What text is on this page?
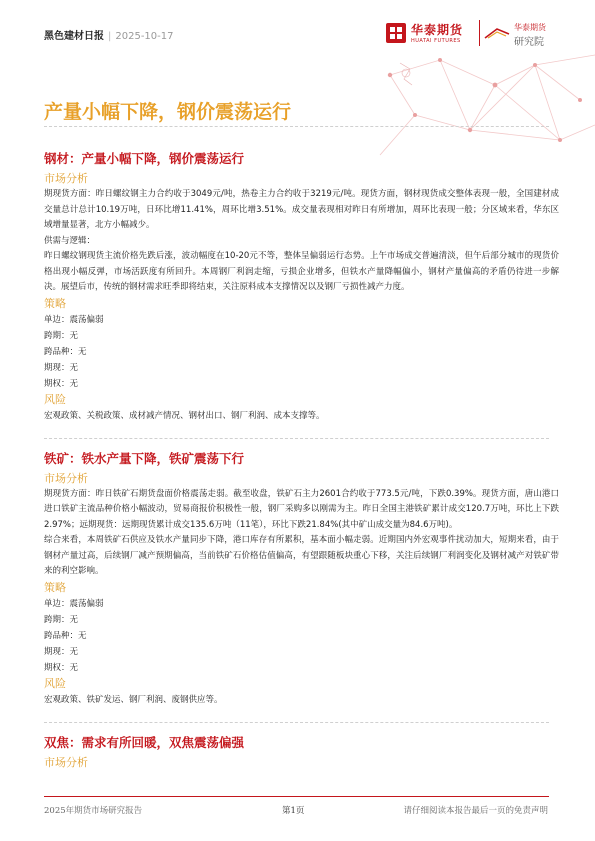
黑色建材日报 | 2025-10-17	华泰期货
HUATAI FUTURES
华泰期货
研究院
产量小幅下降，钢价震荡运行
钢材：产量小幅下降，钢价震荡运行
市场分析

期现货方面：昨日螺纹钢主力合约收于3049元/吨，热卷主力合约收于3219元/吨。现货方面，钢材现货成交整体表现一般，全国建材成交量总计总计10.19万吨，日环比增11.41%，周环比增3.51%。成交量表现相对昨日有所增加，周环比表现一般；分区域来看，华东区域增量显著，北方小幅减少。

供需与逻辑：

昨日螺纹钢现货主流价格先跌后涨，波动幅度在10-20元不等，整体呈偏弱运行态势。上午市场成交普遍清淡，但午后部分城市的现货价格出现小幅反弹，市场活跃度有所回升。本周钢厂利润走缩，亏损企业增多，但铁水产量降幅偏小，钢材产量偏高的矛盾仍待进一步解决。展望后市，传统的钢材需求旺季即将结束，关注原料成本支撑情况以及钢厂亏损性减产力度。

策略

单边：震荡偏弱

跨期：无

跨品种：无

期现：无

期权：无

风险

宏观政策、关税政策、成材减产情况、钢材出口、钢厂利润、成本支撑等。

铁矿：铁水产量下降，铁矿震荡下行
市场分析

期现货方面：昨日铁矿石期货盘面价格震荡走弱。截至收盘，铁矿石主力2601合约收于773.5元/吨，下跌0.39%。现货方面，唐山港口进口铁矿主流品种价格小幅波动，贸易商报价积极性一般，钢厂采购多以刚需为主。昨日全国主港铁矿累计成交120.7万吨，环比上下跌2.97%；远期现货：远期现货累计成交135.6万吨（11笔），环比下跌21.84%(其中矿山成交量为84.6万吨)。

综合来看，本周铁矿石供应及铁水产量同步下降，港口库存有所累积，基本面小幅走弱。近期国内外宏观事件扰动加大，短期来看，由于钢材产量过高，后续钢厂减产预期偏高，当前铁矿石价格估值偏高，有望跟随板块重心下移，关注后续钢厂利润变化及钢材减产对铁矿带来的利空影响。

策略

单边：震荡偏弱

跨期：无

跨品种：无

期现：无

期权：无

风险

宏观政策、铁矿发运、钢厂利润、废钢供应等。

双焦：需求有所回暖，双焦震荡偏强
市场分析
2025年期货市场研究报告	第1页	请仔细阅读本报告最后一页的免责声明
